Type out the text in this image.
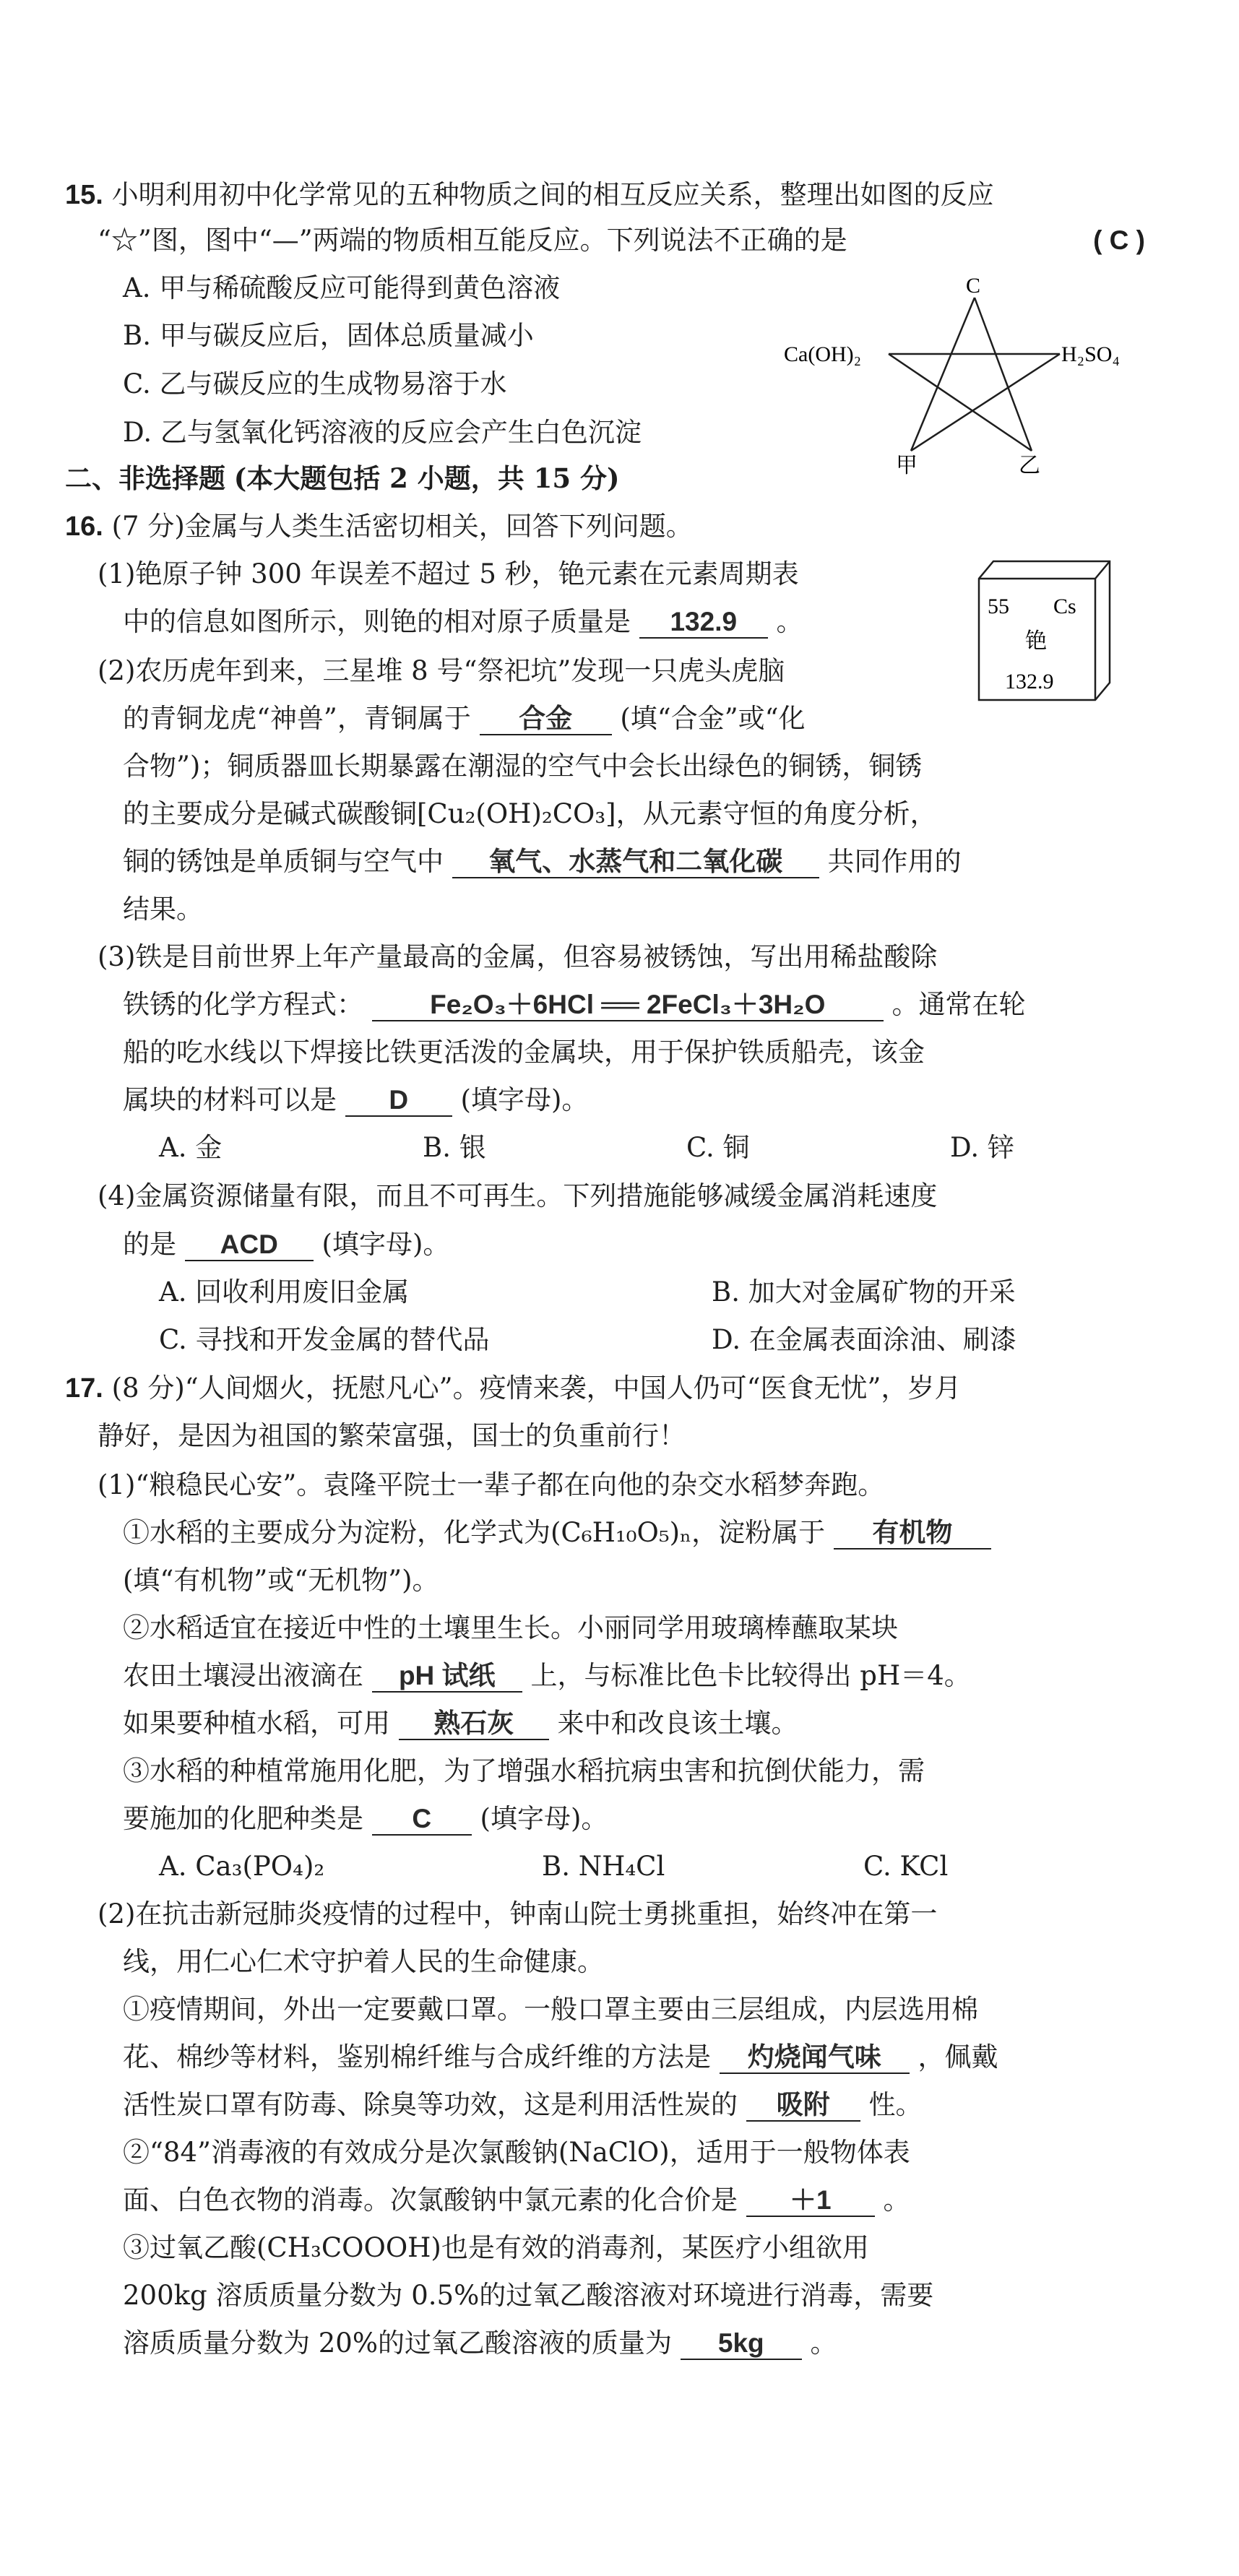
15. 小明利用初中化学常见的五种物质之间的相互反应关系，整理出如图的反应
“☆”图，图中“—”两端的物质相互能反应。下列说法不正确的是	( C )
A. 甲与稀硫酸反应可能得到黄色溶液
B. 甲与碳反应后，固体总质量减小
C. 乙与碳反应的生成物易溶于水
D. 乙与氢氧化钙溶液的反应会产生白色沉淀
C
Ca(OH)₂	H₂SO₄
甲	乙
二、非选择题 (本大题包括 2 小题，共 15 分)
16. (7 分)金属与人类生活密切相关，回答下列问题。
(1)铯原子钟 300 年误差不超过 5 秒，铯元素在元素周期表
中的信息如图所示，则铯的相对原子质量是 132.9 。	55 Cs
铯
132.9
(2)农历虎年到来，三星堆 8 号“祭祀坑”发现一只虎头虎脑
的青铜龙虎“神兽”，青铜属于 合金 (填“合金”或“化
合物”)；铜质器皿长期暴露在潮湿的空气中会长出绿色的铜锈，铜锈
的主要成分是碱式碳酸铜[Cu₂(OH)₂CO₃]，从元素守恒的角度分析，
铜的锈蚀是单质铜与空气中 氧气、水蒸气和二氧化碳 共同作用的
结果。
(3)铁是目前世界上年产量最高的金属，但容易被锈蚀，写出用稀盐酸除
铁锈的化学方程式： Fe₂O₃＋6HCl ══ 2FeCl₃＋3H₂O 。通常在轮
船的吃水线以下焊接比铁更活泼的金属块，用于保护铁质船壳，该金
属块的材料可以是 D (填字母)。
A. 金	B. 银	C. 铜	D. 锌
(4)金属资源储量有限，而且不可再生。下列措施能够减缓金属消耗速度
的是 ACD (填字母)。
A. 回收利用废旧金属	B. 加大对金属矿物的开采
C. 寻找和开发金属的替代品	D. 在金属表面涂油、刷漆
17. (8 分)“人间烟火，抚慰凡心”。疫情来袭，中国人仍可“医食无忧”，岁月
静好，是因为祖国的繁荣富强，国士的负重前行！
(1)“粮稳民心安”。袁隆平院士一辈子都在向他的杂交水稻梦奔跑。
①水稻的主要成分为淀粉，化学式为(C₆H₁₀O₅)ₙ，淀粉属于 有机物
(填“有机物”或“无机物”)。
②水稻适宜在接近中性的土壤里生长。小丽同学用玻璃棒蘸取某块
农田土壤浸出液滴在 pH 试纸 上，与标准比色卡比较得出 pH＝4。
如果要种植水稻，可用 熟石灰 来中和改良该土壤。
③水稻的种植常施用化肥，为了增强水稻抗病虫害和抗倒伏能力，需
要施加的化肥种类是 C (填字母)。
A. Ca₃(PO₄)₂	B. NH₄Cl	C. KCl
(2)在抗击新冠肺炎疫情的过程中，钟南山院士勇挑重担，始终冲在第一
线，用仁心仁术守护着人民的生命健康。
①疫情期间，外出一定要戴口罩。一般口罩主要由三层组成，内层选用棉
花、棉纱等材料，鉴别棉纤维与合成纤维的方法是 灼烧闻气味 ，佩戴
活性炭口罩有防毒、除臭等功效，这是利用活性炭的 吸附 性。
②“84”消毒液的有效成分是次氯酸钠(NaClO)，适用于一般物体表
面、白色衣物的消毒。次氯酸钠中氯元素的化合价是 ＋1 。
③过氧乙酸(CH₃COOOH)也是有效的消毒剂，某医疗小组欲用
200kg 溶质质量分数为 0.5%的过氧乙酸溶液对环境进行消毒，需要
溶质质量分数为 20%的过氧乙酸溶液的质量为 5kg 。
